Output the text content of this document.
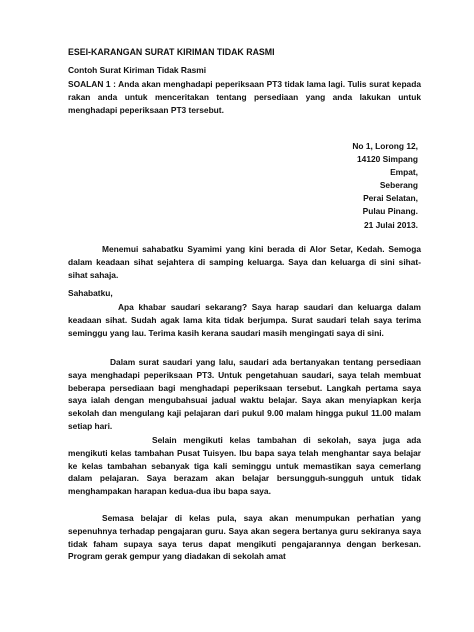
ESEI-KARANGAN SURAT KIRIMAN TIDAK RASMI

Contoh Surat Kiriman Tidak Rasmi

SOALAN 1 : Anda akan menghadapi peperiksaan PT3 tidak lama lagi. Tulis surat kepada rakan anda untuk menceritakan tentang persediaan yang anda lakukan untuk menghadapi peperiksaan PT3 tersebut.

No 1, Lorong 12,
14120 Simpang
Empat,
Seberang
Perai Selatan,
Pulau Pinang.
21 Julai 2013.

Menemui sahabatku Syamimi yang kini berada di Alor Setar, Kedah. Semoga dalam keadaan sihat sejahtera di samping keluarga. Saya dan keluarga di sini sihat-sihat sahaja.

Sahabatku,

Apa khabar saudari sekarang? Saya harap saudari dan keluarga dalam keadaan sihat. Sudah agak lama kita tidak berjumpa. Surat saudari telah saya terima seminggu yang lau. Terima kasih kerana saudari masih mengingati saya di sini.

Dalam surat saudari yang lalu, saudari ada bertanyakan tentang persediaan saya menghadapi peperiksaan PT3. Untuk pengetahuan saudari, saya telah membuat beberapa persediaan bagi menghadapi peperiksaan tersebut. Langkah pertama saya saya ialah dengan mengubahsuai jadual waktu belajar. Saya akan menyiapkan kerja sekolah dan mengulang kaji pelajaran dari pukul 9.00 malam hingga pukul 11.00 malam setiap hari.

Selain mengikuti kelas tambahan di sekolah, saya juga ada mengikuti kelas tambahan Pusat Tuisyen. Ibu bapa saya telah menghantar saya belajar ke kelas tambahan sebanyak tiga kali seminggu untuk memastikan saya cemerlang dalam pelajaran. Saya berazam akan belajar bersungguh-sungguh untuk tidak menghampakan harapan kedua-dua ibu bapa saya.

Semasa belajar di kelas pula, saya akan menumpukan perhatian yang sepenuhnya terhadap pengajaran guru. Saya akan segera bertanya guru sekiranya saya tidak faham supaya saya terus dapat mengikuti pengajarannya dengan berkesan. Program gerak gempur yang diadakan di sekolah amat
